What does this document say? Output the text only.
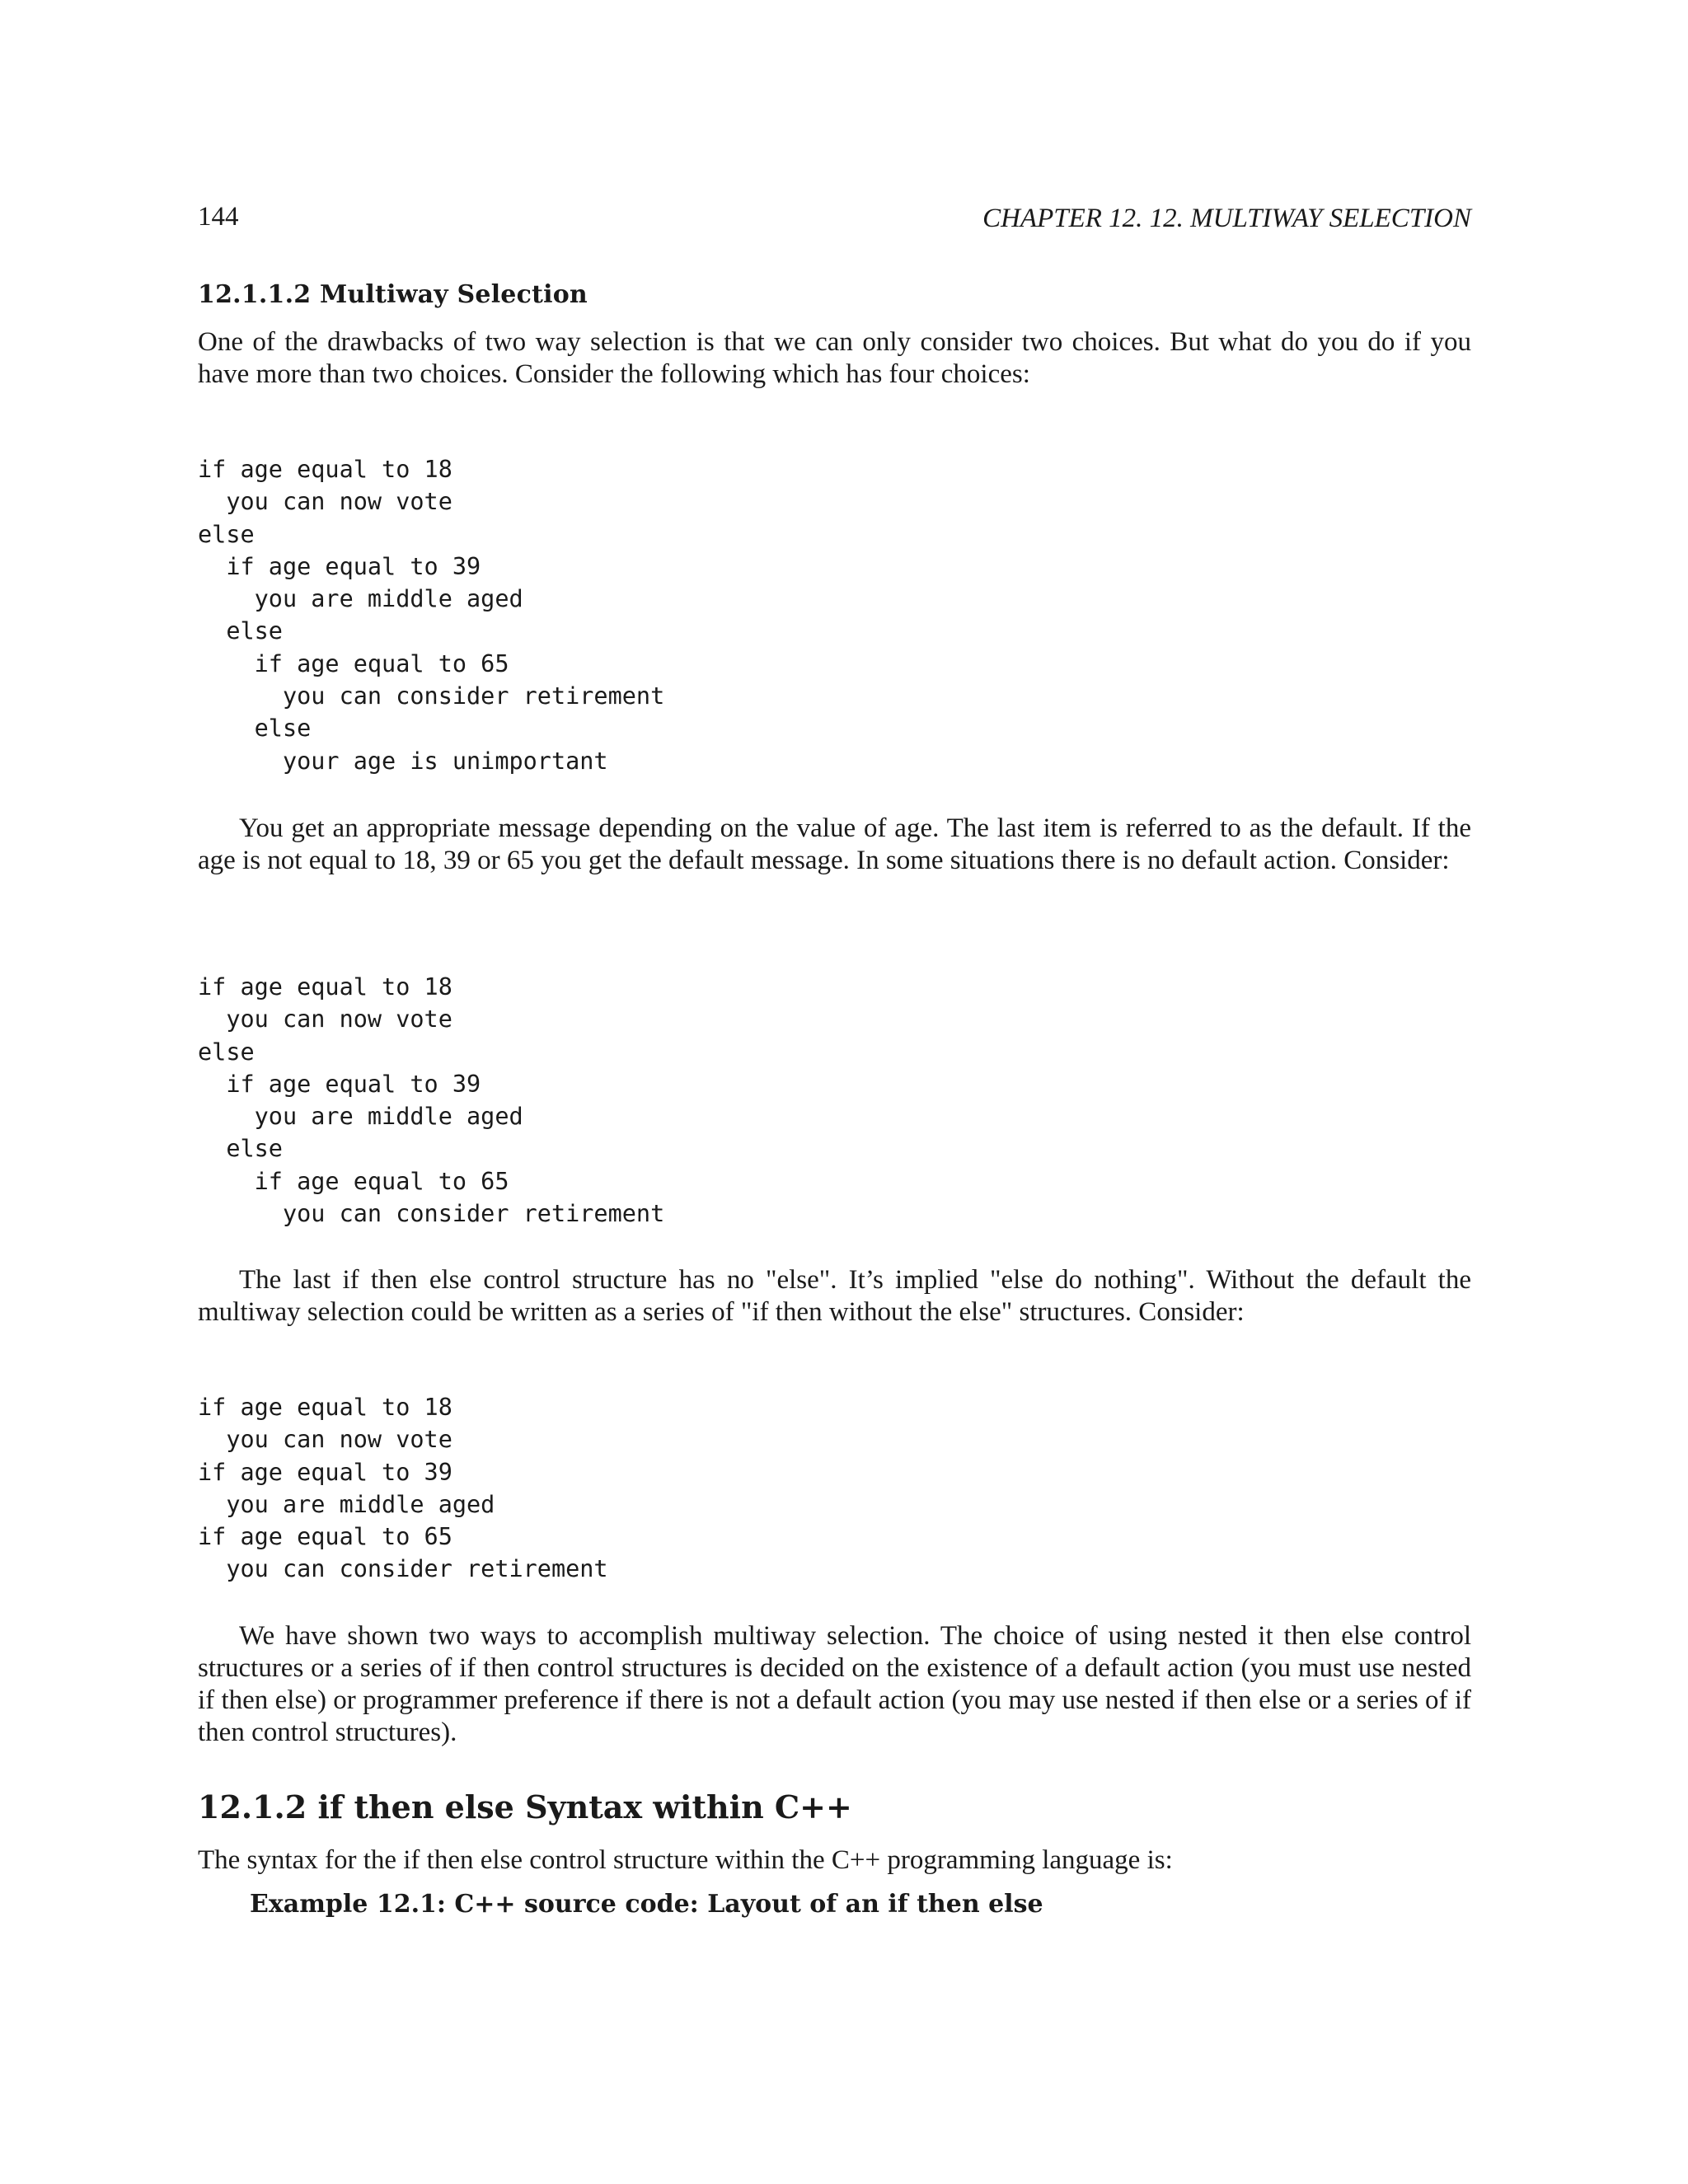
144	CHAPTER 12. 12. MULTIWAY SELECTION
12.1.1.2 Multiway Selection
One of the drawbacks of two way selection is that we can only consider two choices. But what do you do if you have more than two choices. Consider the following which has four choices:
if age equal to 18
you can now vote
else
if age equal to 39
you are middle aged
else
if age equal to 65
you can consider retirement
else
your age is unimportant
You get an appropriate message depending on the value of age. The last item is referred to as the default. If the age is not equal to 18, 39 or 65 you get the default message. In some situations there is no default action. Consider:
if age equal to 18
you can now vote
else
if age equal to 39
you are middle aged
else
if age equal to 65
you can consider retirement
The last if then else control structure has no "else". It’s implied "else do nothing". Without the default the multiway selection could be written as a series of "if then without the else" structures. Consider:
if age equal to 18
you can now vote
if age equal to 39
you are middle aged
if age equal to 65
you can consider retirement
We have shown two ways to accomplish multiway selection. The choice of using nested it then else control structures or a series of if then control structures is decided on the existence of a default action (you must use nested if then else) or programmer preference if there is not a default action (you may use nested if then else or a series of if then control structures).
12.1.2 if then else Syntax within C++
The syntax for the if then else control structure within the C++ programming language is:
Example 12.1: C++ source code: Layout of an if then else
